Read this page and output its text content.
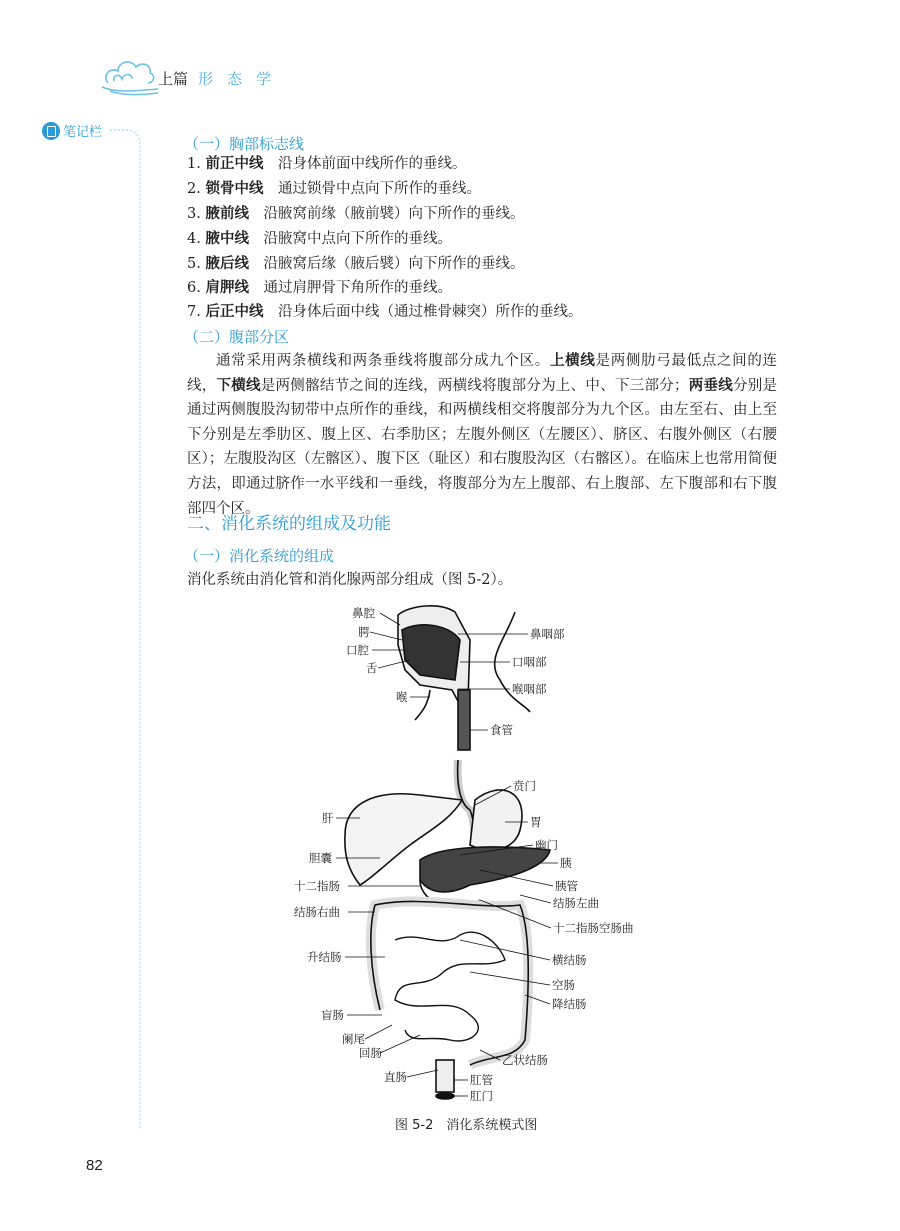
上篇 形态学
笔记栏
（一）胸部标志线
1. 前正中线  沿身体前面中线所作的垂线。
2. 锁骨中线  通过锁骨中点向下所作的垂线。
3. 腋前线  沿腋窝前缘（腋前襞）向下所作的垂线。
4. 腋中线  沿腋窝中点向下所作的垂线。
5. 腋后线  沿腋窝后缘（腋后襞）向下所作的垂线。
6. 肩胛线  通过肩胛骨下角所作的垂线。
7. 后正中线  沿身体后面中线（通过椎骨棘突）所作的垂线。
（二）腹部分区
通常采用两条横线和两条垂线将腹部分成九个区。上横线是两侧肋弓最低点之间的连线，下横线是两侧髂结节之间的连线，两横线将腹部分为上、中、下三部分；两垂线分别是通过两侧腹股沟韧带中点所作的垂线，和两横线相交将腹部分为九个区。由左至右、由上至下分别是左季肋区、腹上区、右季肋区；左腹外侧区（左腰区）、脐区、右腹外侧区（右腰区）；左腹股沟区（左髂区）、腹下区（耻区）和右腹股沟区（右髂区）。在临床上也常用简便方法，即通过脐作一水平线和一垂线，将腹部分为左上腹部、右上腹部、左下腹部和右下腹部四个区。
二、消化系统的组成及功能
（一）消化系统的组成
消化系统由消化管和消化腺两部分组成（图 5-2）。
鼻腔
腭
口腔
舌
喉
鼻咽部
口咽部
喉咽部
食管
贲门
肝	胃
幽门
胆囊	胰
十二指肠	胰管
结肠左曲
结肠右曲
十二指肠空肠曲
升结肠	横结肠
空肠
降结肠
盲肠
阑尾
回肠	乙状结肠
直肠	肛管
肛门
图 5-2　消化系统模式图
82
